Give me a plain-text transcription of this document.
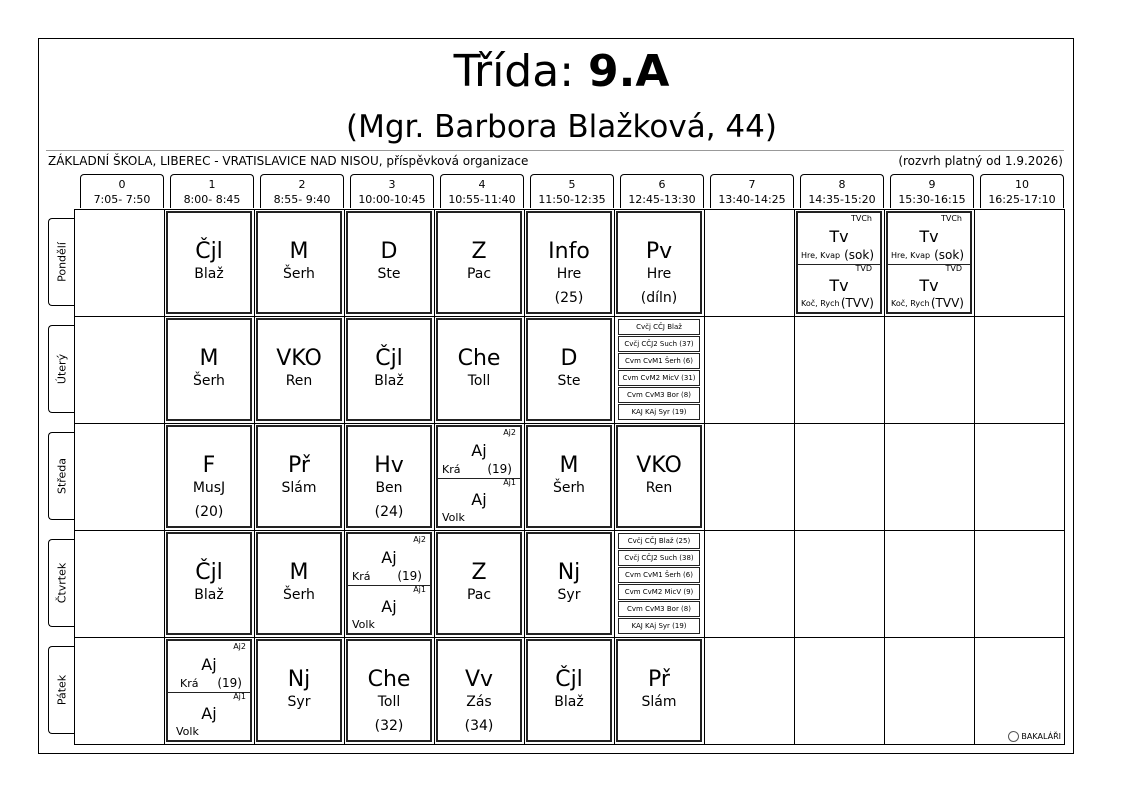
Třída: 9.A
(Mgr. Barbora Blažková, 44)
ZÁKLADNÍ ŠKOLA, LIBEREC - VRATISLAVICE NAD NISOU, příspěvková organizace	(rozvrh platný od 1.9.2026)
0
7:05- 7:50
1
8:00- 8:45
2
8:55- 9:40
3
10:00-10:45
4
10:55-11:40
5
11:50-12:35
6
12:45-13:30
7
13:40-14:25
8
14:35-15:20
9
15:30-16:15
10
16:25-17:10
Pondělí
Úterý
Středa
Čtvrtek
Pátek
Čjl
Blaž
M
Šerh
D
Ste
Z
Pac
Info
Hre
(25)
Pv
Hre
(díln)
TVCh
Tv
Hre, Kvap (sok)
TVD
Tv
Koč, Rych (TVV)
TVCh
Tv
Hre, Kvap (sok)
TVD
Tv
Koč, Rych (TVV)
M
Šerh
VKO
Ren
Čjl
Blaž
Che
Toll
D
Ste
Cvčj CČJ Blaž
Cvčj CČJ2 Such (37)
Cvm CvM1 Šerh (6)
Cvm CvM2 MicV (31)
Cvm CvM3 Bor (8)
KAJ KAj Syr (19)
F
MusJ
(20)
Př
Slám
Hv
Ben
(24)
Aj2
Aj
Krá (19)
Aj1
Aj
Volk
M
Šerh
VKO
Ren
Čjl
Blaž
M
Šerh
Aj2
Aj
Krá (19)
Aj1
Aj
Volk
Z
Pac
Nj
Syr
Cvčj CČJ Blaž (25)
Cvčj CČJ2 Such (38)
Cvm CvM1 Šerh (6)
Cvm CvM2 MicV (9)
Cvm CvM3 Bor (8)
KAJ KAj Syr (19)
Aj2
Aj
Krá (19)
Aj1
Aj
Volk
Nj
Syr
Che
Toll
(32)
Vv
Zás
(34)
Čjl
Blaž
Př
Slám
BAKALÁŘI
